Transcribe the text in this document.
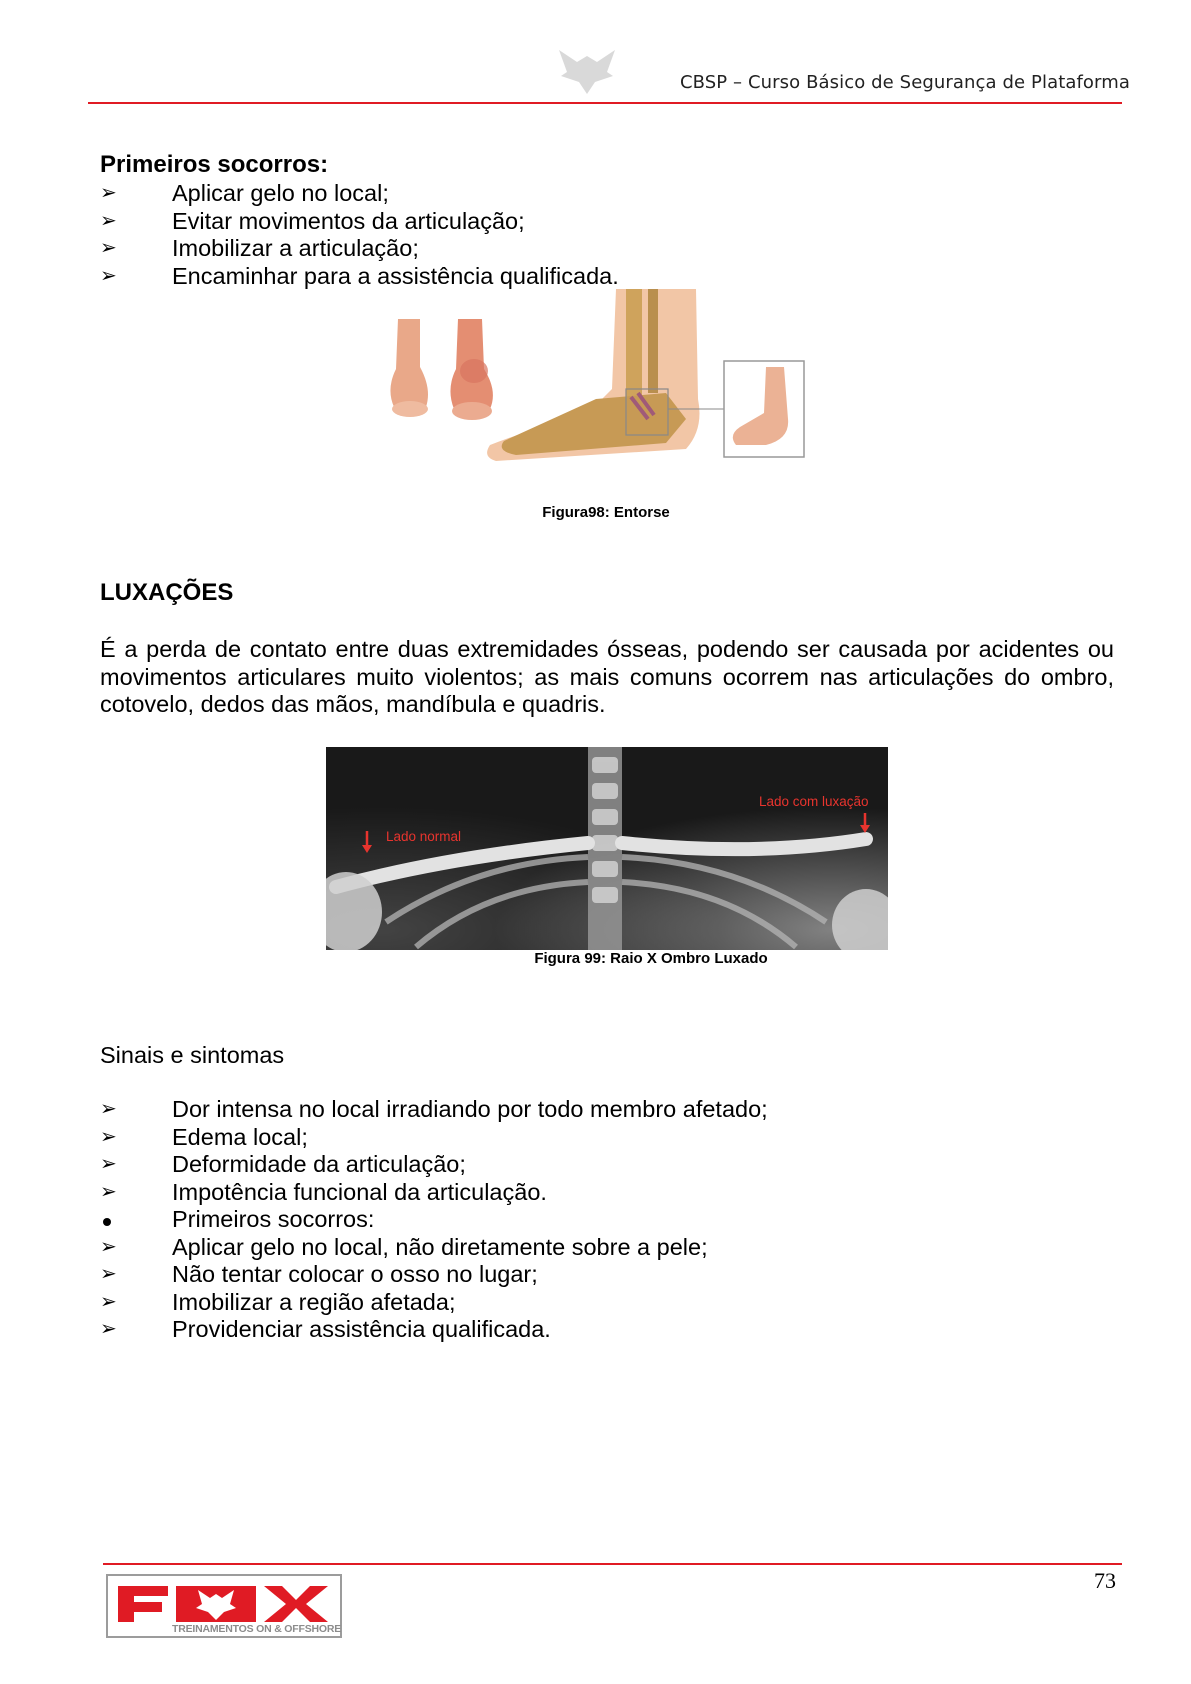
CBSP – Curso Básico de Segurança de Plataforma
Primeiros socorros:
➢	Aplicar gelo no local;
➢	Evitar movimentos da articulação;
➢	Imobilizar a articulação;
➢	Encaminhar para a assistência qualificada.
Figura98: Entorse
LUXAÇÕES
É a perda de contato entre duas extremidades ósseas, podendo ser causada por acidentes ou movimentos articulares muito violentos; as mais comuns ocorrem nas articulações do ombro, cotovelo, dedos das mãos, mandíbula e quadris.
Lado normal
Lado com luxação
Figura 99: Raio X Ombro Luxado
Sinais e sintomas
➢	Dor intensa no local irradiando por todo membro afetado;
➢	Edema local;
➢	Deformidade da articulação;
➢	Impotência funcional da articulação.
Primeiros socorros:
➢	Aplicar gelo no local, não diretamente sobre a pele;
➢	Não tentar colocar o osso no lugar;
➢	Imobilizar a região afetada;
➢	Providenciar assistência qualificada.
73
TREINAMENTOS ON & OFFSHORE
